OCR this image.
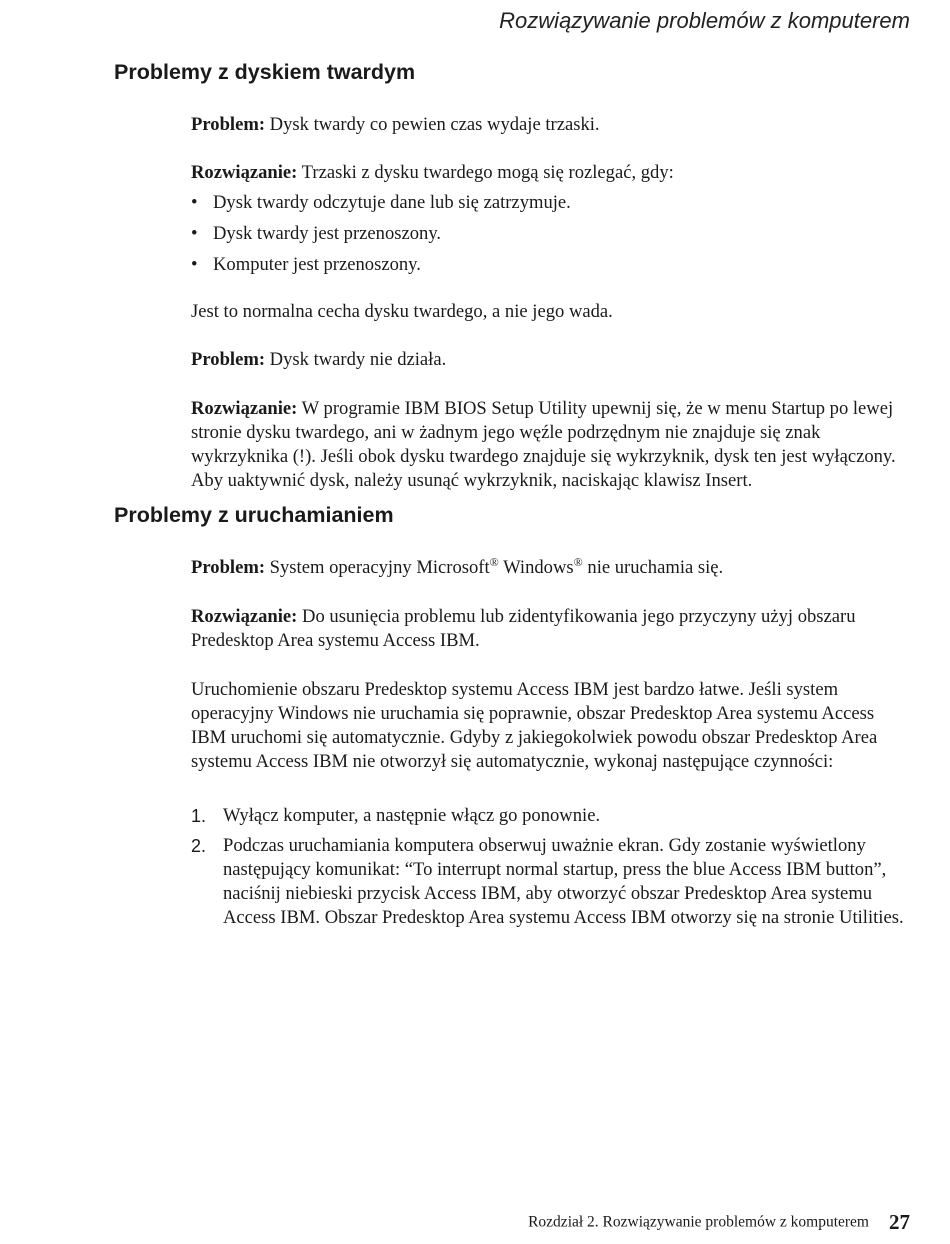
Rozwiązywanie problemów z komputerem
Problemy z dyskiem twardym

Problem: Dysk twardy co pewien czas wydaje trzaski.

Rozwiązanie: Trzaski z dysku twardego mogą się rozlegać, gdy:

• Dysk twardy odczytuje dane lub się zatrzymuje.
• Dysk twardy jest przenoszony.
• Komputer jest przenoszony.

Jest to normalna cecha dysku twardego, a nie jego wada.

Problem: Dysk twardy nie działa.

Rozwiązanie: W programie IBM BIOS Setup Utility upewnij się, że w menu Startup po lewej stronie dysku twardego, ani w żadnym jego węźle podrzędnym nie znajduje się znak wykrzyknika (!). Jeśli obok dysku twardego znajduje się wykrzyknik, dysk ten jest wyłączony. Aby uaktywnić dysk, należy usunąć wykrzyknik, naciskając klawisz Insert.

Problemy z uruchamianiem

Problem: System operacyjny Microsoft® Windows® nie uruchamia się.

Rozwiązanie: Do usunięcia problemu lub zidentyfikowania jego przyczyny użyj obszaru Predesktop Area systemu Access IBM.

Uruchomienie obszaru Predesktop systemu Access IBM jest bardzo łatwe. Jeśli system operacyjny Windows nie uruchamia się poprawnie, obszar Predesktop Area systemu Access IBM uruchomi się automatycznie. Gdyby z jakiegokolwiek powodu obszar Predesktop Area systemu Access IBM nie otworzył się automatycznie, wykonaj następujące czynności:

1. Wyłącz komputer, a następnie włącz go ponownie.
2. Podczas uruchamiania komputera obserwuj uważnie ekran. Gdy zostanie wyświetlony następujący komunikat: “To interrupt normal startup, press the blue Access IBM button”, naciśnij niebieski przycisk Access IBM, aby otworzyć obszar Predesktop Area systemu Access IBM. Obszar Predesktop Area systemu Access IBM otworzy się na stronie Utilities.
Rozdział 2. Rozwiązywanie problemów z komputerem 27
